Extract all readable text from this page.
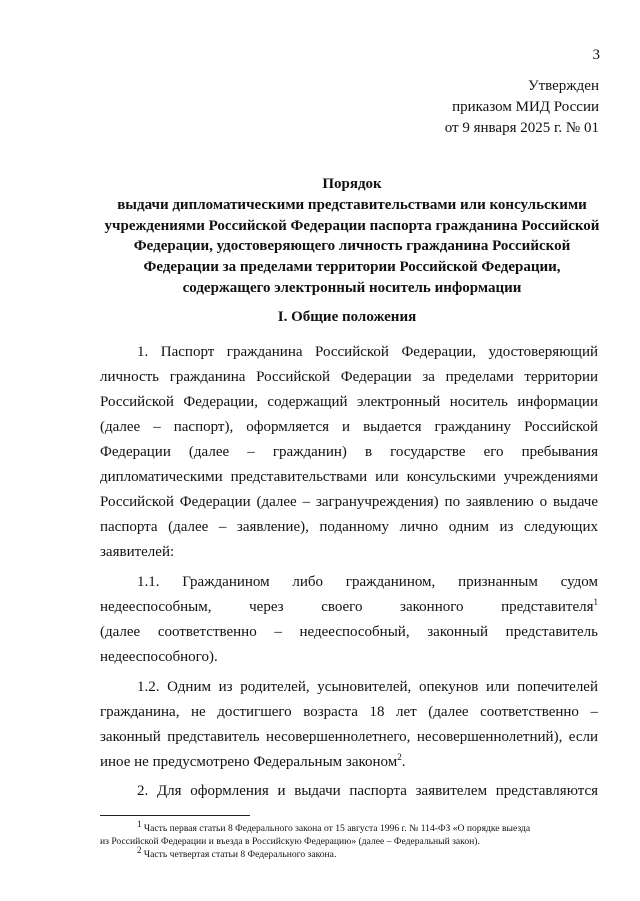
3
Утвержден
приказом МИД России
от 9 января 2025 г. № 01
Порядок
выдачи дипломатическими представительствами или консульскими
учреждениями Российской Федерации паспорта гражданина Российской
Федерации, удостоверяющего личность гражданина Российской
Федерации за пределами территории Российской Федерации,
содержащего электронный носитель информации
I. Общие положения
1. Паспорт гражданина Российской Федерации, удостоверяющий
личность гражданина Российской Федерации за пределами территории
Российской Федерации, содержащий электронный носитель информации
(далее – паспорт), оформляется и выдается гражданину Российской
Федерации (далее – гражданин) в государстве его пребывания
дипломатическими представительствами или консульскими учреждениями
Российской Федерации (далее – загранучреждения) по заявлению о выдаче
паспорта (далее – заявление), поданному лично одним из следующих
заявителей:
1.1. Гражданином либо гражданином, признанным судом
недееспособным, через своего законного представителя$^1$
(далее соответственно – недееспособный, законный представитель
недееспособного).
1.2. Одним из родителей, усыновителей, опекунов или попечителей
гражданина, не достигшего возраста 18 лет (далее соответственно –
законный представитель несовершеннолетнего, несовершеннолетний), если
иное не предусмотрено Федеральным законом$^2$.
2. Для оформления и выдачи паспорта заявителем представляются
$^1$ Часть первая статьи 8 Федерального закона от 15 августа 1996 г. № 114-ФЗ «О порядке выезда
из Российской Федерации и въезда в Российскую Федерацию» (далее – Федеральный закон).
$^2$ Часть четвертая статьи 8 Федерального закона.
